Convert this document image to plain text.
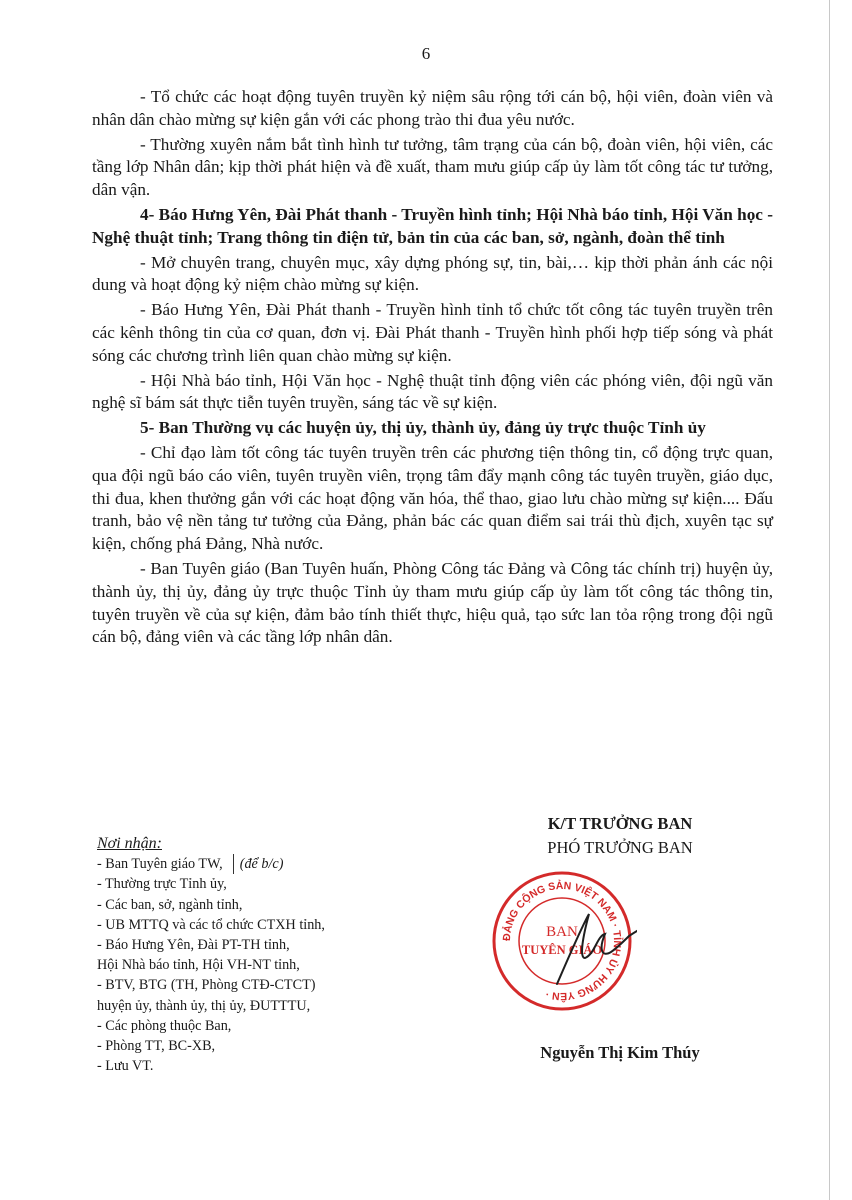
6

- Tổ chức các hoạt động tuyên truyền kỷ niệm sâu rộng tới cán bộ, hội viên, đoàn viên và nhân dân chào mừng sự kiện gắn với các phong trào thi đua yêu nước.

- Thường xuyên nắm bắt tình hình tư tưởng, tâm trạng của cán bộ, đoàn viên, hội viên, các tầng lớp Nhân dân; kịp thời phát hiện và đề xuất, tham mưu giúp cấp ủy làm tốt công tác tư tưởng, dân vận.

4- Báo Hưng Yên, Đài Phát thanh - Truyền hình tỉnh; Hội Nhà báo tỉnh, Hội Văn học - Nghệ thuật tỉnh; Trang thông tin điện tử, bản tin của các ban, sở, ngành, đoàn thể tỉnh

- Mở chuyên trang, chuyên mục, xây dựng phóng sự, tin, bài,… kịp thời phản ánh các nội dung và hoạt động kỷ niệm chào mừng sự kiện.

- Báo Hưng Yên, Đài Phát thanh - Truyền hình tỉnh tổ chức tốt công tác tuyên truyền trên các kênh thông tin của cơ quan, đơn vị. Đài Phát thanh - Truyền hình phối hợp tiếp sóng và phát sóng các chương trình liên quan chào mừng sự kiện.

- Hội Nhà báo tỉnh, Hội Văn học - Nghệ thuật tỉnh động viên các phóng viên, đội ngũ văn nghệ sĩ bám sát thực tiễn tuyên truyền, sáng tác về sự kiện.

5- Ban Thường vụ các huyện ủy, thị ủy, thành ủy, đảng ủy trực thuộc Tỉnh ủy

- Chỉ đạo làm tốt công tác tuyên truyền trên các phương tiện thông tin, cổ động trực quan, qua đội ngũ báo cáo viên, tuyên truyền viên, trọng tâm đẩy mạnh công tác tuyên truyền, giáo dục, thi đua, khen thưởng gắn với các hoạt động văn hóa, thể thao, giao lưu chào mừng sự kiện.... Đấu tranh, bảo vệ nền tảng tư tưởng của Đảng, phản bác các quan điểm sai trái thù địch, xuyên tạc sự kiện, chống phá Đảng, Nhà nước.

- Ban Tuyên giáo (Ban Tuyên huấn, Phòng Công tác Đảng và Công tác chính trị) huyện ủy, thành ủy, thị ủy, đảng ủy trực thuộc Tỉnh ủy tham mưu giúp cấp ủy làm tốt công tác thông tin, tuyên truyền về của sự kiện, đảm bảo tính thiết thực, hiệu quả, tạo sức lan tỏa rộng trong đội ngũ cán bộ, đảng viên và các tầng lớp nhân dân.

Nơi nhận:
- Ban Tuyên giáo TW, (để b/c)
- Thường trực Tỉnh ủy,
- Các ban, sở, ngành tỉnh,
- UB MTTQ và các tổ chức CTXH tỉnh,
- Báo Hưng Yên, Đài PT-TH tỉnh,
Hội Nhà báo tỉnh, Hội VH-NT tỉnh,
- BTV, BTG (TH, Phòng CTĐ-CTCT)
huyện ủy, thành ủy, thị ủy, ĐUTTTU,
- Các phòng thuộc Ban,
- Phòng TT, BC-XB,
- Lưu VT.
K/T TRƯỞNG BAN
PHÓ TRƯỞNG BAN
ĐẢNG CỘNG SẢN VIỆT NAM · TỈNH ỦY HƯNG YÊN ·
BAN
TUYÊN GIÁO
Nguyễn Thị Kim Thúy
